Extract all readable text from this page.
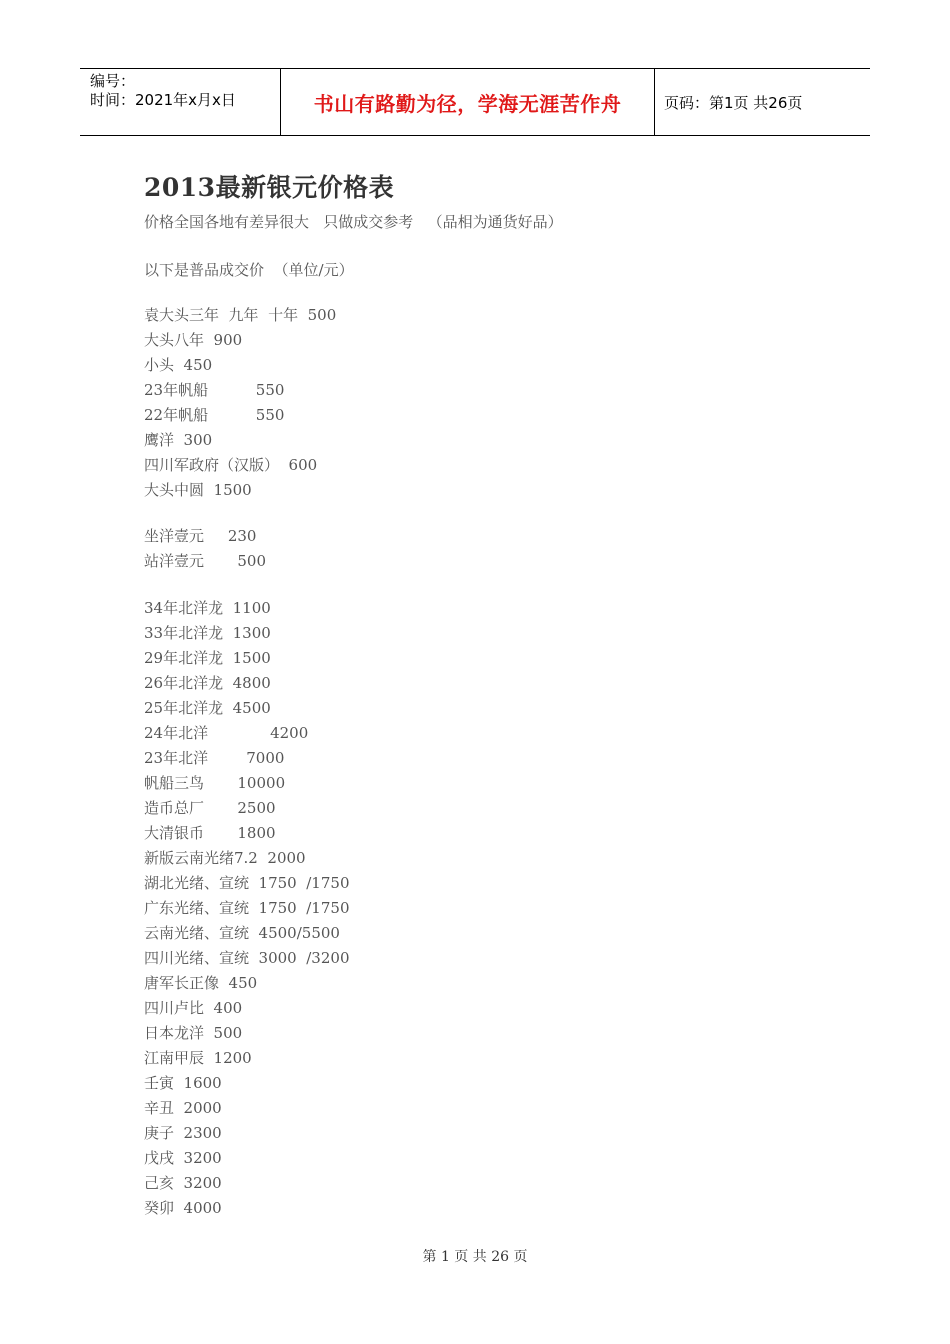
编号：
时间：2021年x月x日	书山有路勤为径，学海无涯苦作舟	页码：第1页 共26页
2013最新银元价格表
价格全国各地有差异很大   只做成交参考   （品相为通货好品）
以下是普品成交价  （单位/元）
袁大头三年  九年  十年  500
大头八年  900
小头  450
23年帆船          550
22年帆船          550
鹰洋  300
四川军政府（汉版）  600
大头中圆  1500
坐洋壹元     230
站洋壹元       500
34年北洋龙  1100
33年北洋龙  1300
29年北洋龙  1500
26年北洋龙  4800
25年北洋龙  4500
24年北洋             4200
23年北洋        7000
帆船三鸟       10000
造币总厂       2500
大清银币       1800
新版云南光绪7.2  2000
湖北光绪、宣统  1750  /1750
广东光绪、宣统  1750  /1750
云南光绪、宣统  4500/5500
四川光绪、宣统  3000  /3200
唐军长正像  450
四川卢比  400
日本龙洋  500
江南甲辰  1200
壬寅  1600
辛丑  2000
庚子  2300
戊戌  3200
己亥  3200
癸卯  4000
第 1 页 共 26 页
